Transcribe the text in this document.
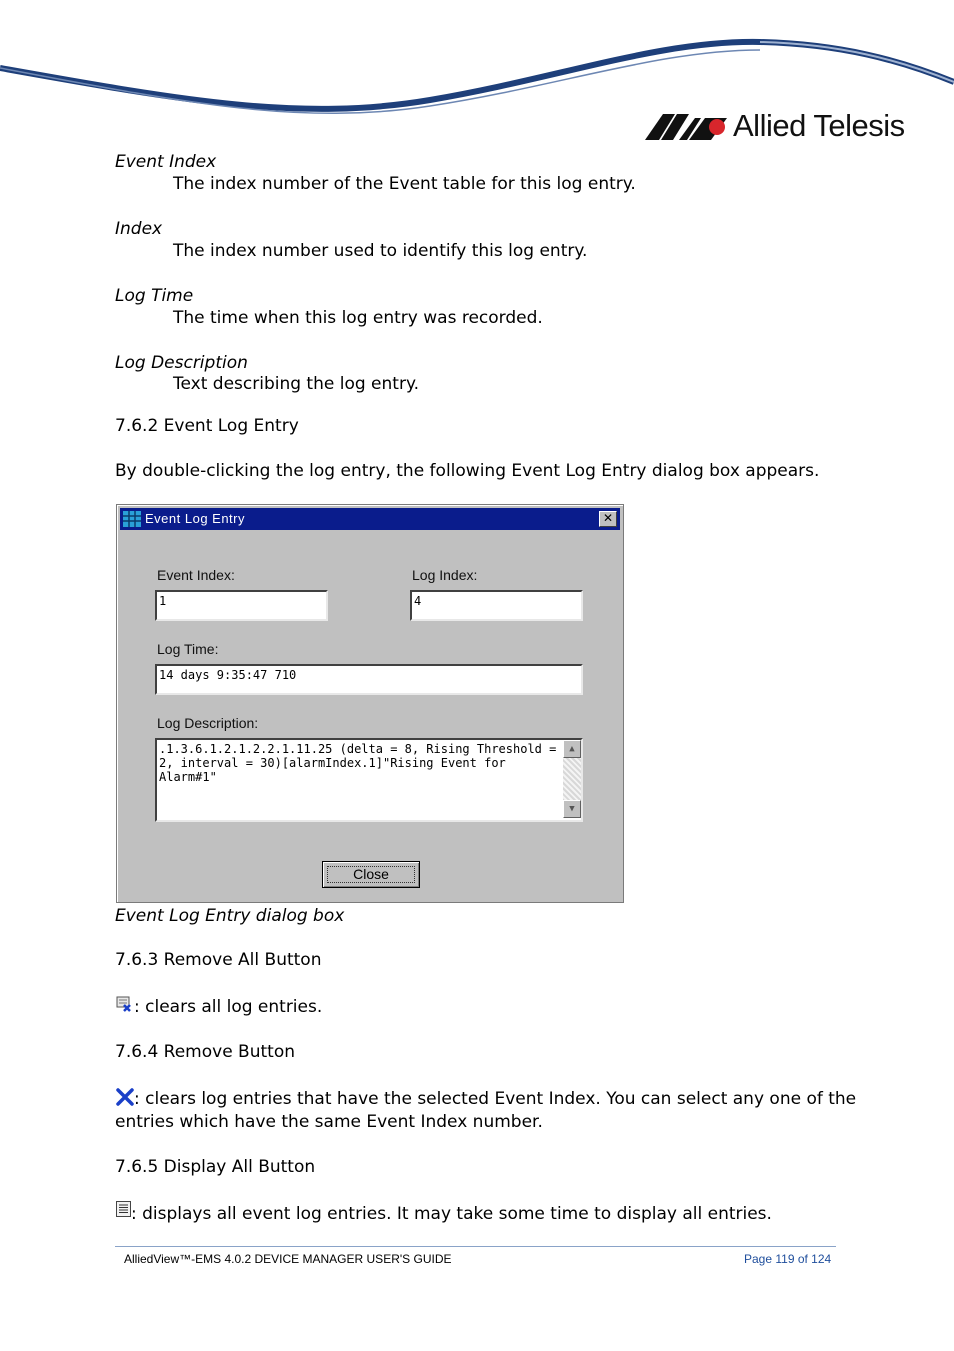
Allied Telesis
Event Index
The index number of the Event table for this log entry.
Index
The index number used to identify this log entry.
Log Time
The time when this log entry was recorded.
Log Description
Text describing the log entry.
7.6.2 Event Log Entry
By double-clicking the log entry, the following Event Log Entry dialog box appears.
Event Log Entry	✕
Event Index:
1
Log Index:
4
Log Time:
14 days 9:35:47 710
Log Description:

.1.3.6.1.2.1.2.2.1.11.25 (delta = 8, Rising Threshold =
2, interval = 30)[alarmIndex.1]"Rising Event for
Alarm#1"

▲

▼

Close
Event Log Entry dialog box
7.6.3 Remove All Button
: clears all log entries.
7.6.4 Remove Button
: clears log entries that have the selected Event Index. You can select any one of the
entries which have the same Event Index number.
7.6.5 Display All Button
: displays all event log entries. It may take some time to display all entries.
AlliedView™-EMS 4.0.2 DEVICE MANAGER USER'S GUIDE	Page 119 of 124
